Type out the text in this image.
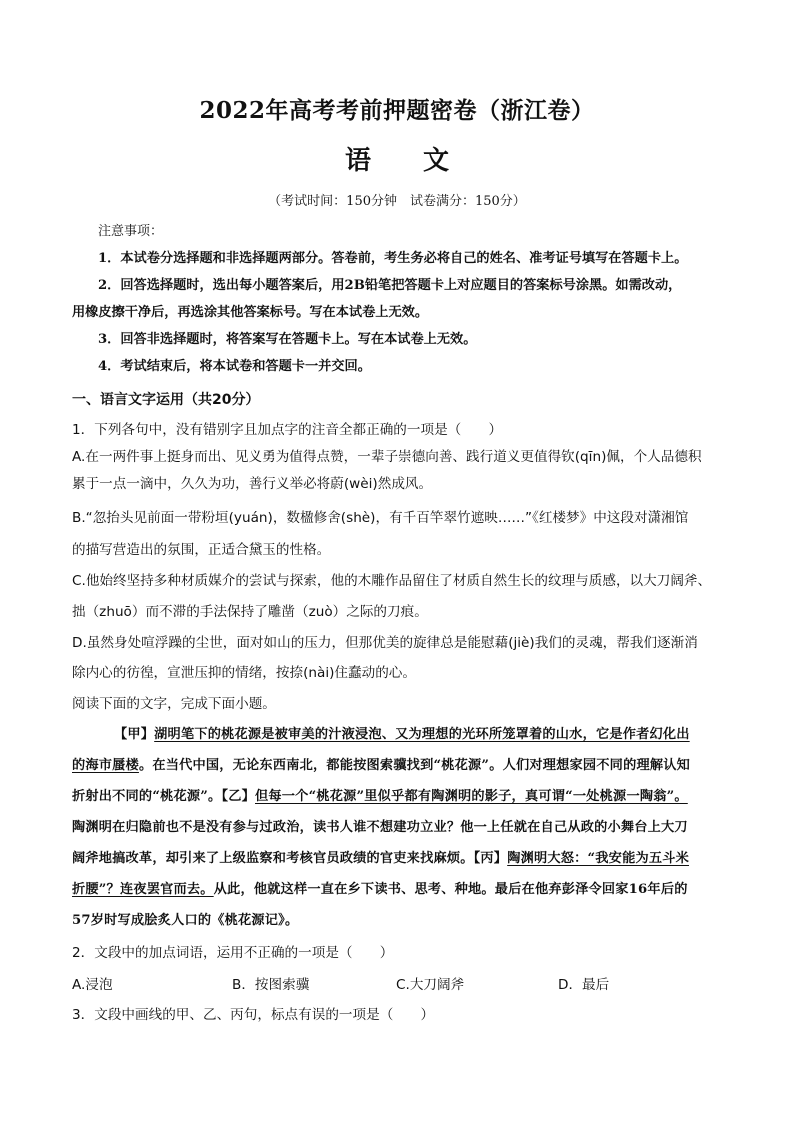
2022年高考考前押题密卷（浙江卷）
语 文
（考试时间：150分钟　试卷满分：150分）
注意事项：
1．本试卷分选择题和非选择题两部分。答卷前，考生务必将自己的姓名、准考证号填写在答题卡上。
2．回答选择题时，选出每小题答案后，用2B铅笔把答题卡上对应题目的答案标号涂黑。如需改动，
用橡皮擦干净后，再选涂其他答案标号。写在本试卷上无效。
3．回答非选择题时，将答案写在答题卡上。写在本试卷上无效。
4．考试结束后，将本试卷和答题卡一并交回。
一、语言文字运用（共20分）
1．下列各句中，没有错别字且加点字的注音全都正确的一项是（　　）
A.在一两件事上挺身而出、见义勇为值得点赞，一辈子崇德向善、践行道义更值得钦(qīn)佩，个人品德积
累于一点一滴中，久久为功，善行义举必将蔚(wèi)然成风。
B.“忽抬头见前面一带粉垣(yuán)，数楹修舍(shè)，有千百竿翠竹遮映……”《红楼梦》中这段对潇湘馆
的描写营造出的氛围，正适合黛玉的性格。
C.他始终坚持多种材质媒介的尝试与探索，他的木雕作品留住了材质自然生长的纹理与质感，以大刀阔斧、
拙（zhuō）而不滞的手法保持了雕凿（zuò）之际的刀痕。
D.虽然身处喧浮躁的尘世，面对如山的压力，但那优美的旋律总是能慰藉(jiè)我们的灵魂，帮我们逐渐消
除内心的彷徨，宣泄压抑的情绪，按捺(nài)住蠢动的心。
阅读下面的文字，完成下面小题。
【甲】湖明笔下的桃花源是被审美的汁液浸泡、又为理想的光环所笼罩着的山水，它是作者幻化出
的海市蜃楼。在当代中国，无论东西南北，都能按图索骥找到“桃花源”。人们对理想家园不同的理解认知
折射出不同的“桃花源”。【乙】但每一个“桃花源”里似乎都有陶渊明的影子，真可谓“一处桃源一陶翁”。
陶渊明在归隐前也不是没有参与过政治，读书人谁不想建功立业？他一上任就在自己从政的小舞台上大刀
阔斧地搞改革，却引来了上级监察和考核官员政绩的官吏来找麻烦。【丙】陶渊明大怒：“我安能为五斗米
折腰”？连夜罢官而去。从此，他就这样一直在乡下读书、思考、种地。最后在他弃彭泽令回家16年后的
57岁时写成脍炙人口的《桃花源记》。
2．文段中的加点词语，运用不正确的一项是（　　）
A.浸泡	B．按图索骥	C.大刀阔斧	D．最后
3．文段中画线的甲、乙、丙句，标点有误的一项是（　　）
